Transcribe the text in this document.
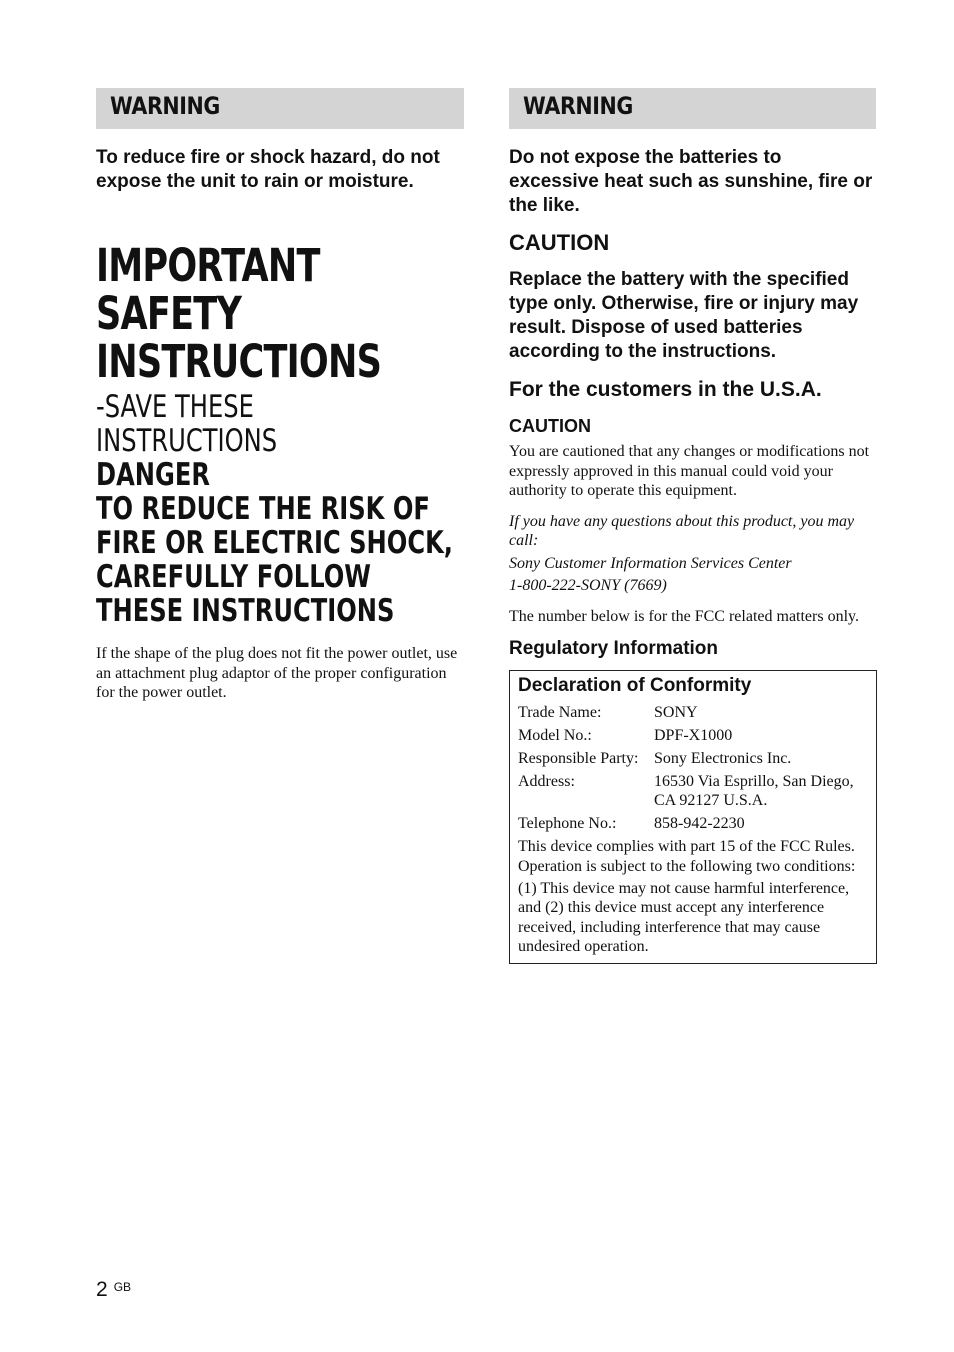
WARNING

To reduce fire or shock hazard, do not expose the unit to rain or moisture.

IMPORTANT

SAFETY

INSTRUCTIONS

-SAVE THESE

INSTRUCTIONS

DANGER

TO REDUCE THE RISK OF

FIRE OR ELECTRIC SHOCK,

CAREFULLY FOLLOW

THESE INSTRUCTIONS

If the shape of the plug does not fit the power outlet, use an attachment plug adaptor of the proper configuration for the power outlet.

WARNING

Do not expose the batteries to excessive heat such as sunshine, fire or the like.

CAUTION

Replace the battery with the specified type only. Otherwise, fire or injury may result. Dispose of used batteries according to the instructions.

For the customers in the U.S.A.

CAUTION

You are cautioned that any changes or modifications not expressly approved in this manual could void your authority to operate this equipment.

If you have any questions about this product, you may call:

Sony Customer Information Services Center

1-800-222-SONY (7669)

The number below is for the FCC related matters only.

Regulatory Information

Declaration of Conformity

Trade Name:	SONY
Model No.:	DPF-X1000
Responsible Party: Sony Electronics Inc.
Address:	16530 Via Esprillo, San Diego, CA 92127 U.S.A.
Telephone No.:	858-942-2230

This device complies with part 15 of the FCC Rules. Operation is subject to the following two conditions:

(1) This device may not cause harmful interference, and (2) this device must accept any interference received, including interference that may cause undesired operation.

2 $^{GB}$
